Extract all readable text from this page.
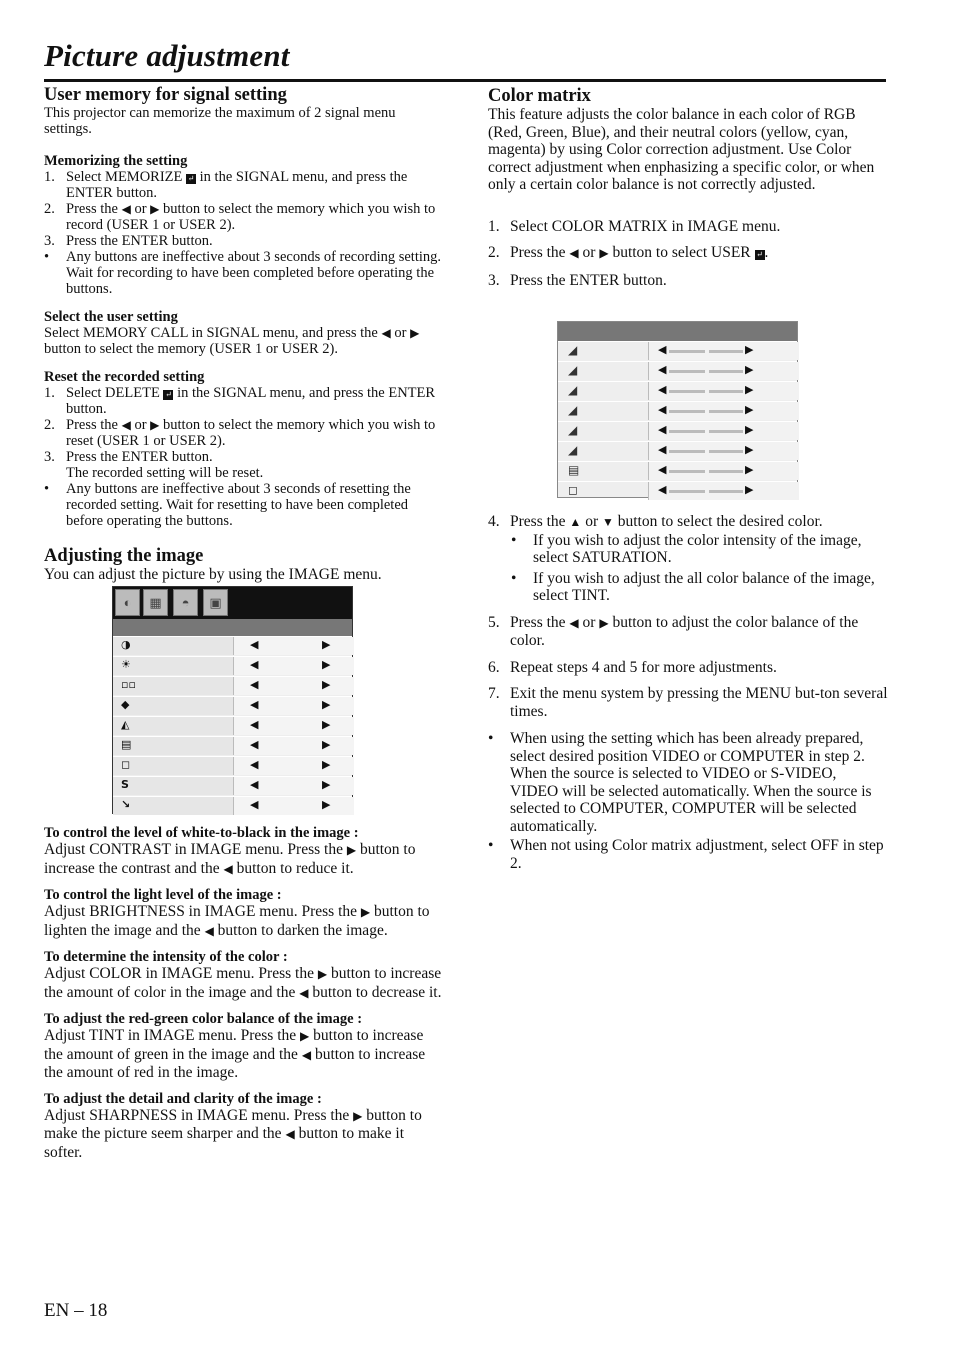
Picture adjustment
User memory for signal setting
This projector can memorize the maximum of 2 signal menu settings.
Memorizing the setting
1. Select MEMORIZE ↵ in the SIGNAL menu, and press the ENTER button.
2. Press the ◀ or ▶ button to select the memory which you wish to record (USER 1 or USER 2).
3. Press the ENTER button.
• Any buttons are ineffective about 3 seconds of recording setting. Wait for recording to have been completed before operating the buttons.
Select the user setting
Select MEMORY CALL in SIGNAL menu, and press the ◀ or ▶ button to select the memory (USER 1 or USER 2).
Reset the recorded setting
1. Select DELETE ↵ in the SIGNAL menu, and press the ENTER button.
2. Press the ◀ or ▶ button to select the memory which you wish to reset (USER 1 or USER 2).
3. Press the ENTER button.
The recorded setting will be reset.
• Any buttons are ineffective about 3 seconds of resetting the recorded setting. Wait for resetting to have been completed before operating the buttons.
Adjusting the image
You can adjust the picture by using the IMAGE menu.
◐	▦	◓	▣
◑	◀	▶
☀	◀	▶
▫▫	◀	▶
◆	◀	▶
◭	◀	▶
▤	◀	▶
◻	◀	▶
S	◀	▶
↘	◀	▶
To control the level of white-to-black in the image :
Adjust CONTRAST in IMAGE menu. Press the ▶ button to increase the contrast and the ◀ button to reduce it.
To control the light level of the image :
Adjust BRIGHTNESS in IMAGE menu. Press the ▶ button to lighten the image and the ◀ button to darken the image.
To determine the intensity of the color :
Adjust COLOR in IMAGE menu. Press the ▶ button to increase the amount of color in the image and the ◀ button to decrease it.
To adjust the red-green color balance of the image :
Adjust TINT in IMAGE menu. Press the ▶ button to increase the amount of green in the image and the ◀ button to increase the amount of red in the image.
To adjust the detail and clarity of the image :
Adjust SHARPNESS in IMAGE menu. Press the ▶ button to make the picture seem sharper and the ◀ button to make it softer.
Color matrix
This feature adjusts the color balance in each color of RGB (Red, Green, Blue), and their neutral colors (yellow, cyan, magenta) by using Color correction adjustment. Use Color correct adjustment when enphasizing a specific color, or when only a certain color balance is not correctly adjusted.
1. Select COLOR MATRIX in IMAGE menu.
2. Press the ◀ or ▶ button to select USER ↵ .
3. Press the ENTER button.
◢	◀	▶
◢	◀	▶
◢	◀	▶
◢	◀	▶
◢	◀	▶
◢	◀	▶
▤	◀	▶
◻	◀	▶
4. Press the ▲ or ▼ button to select the desired color.
• If you wish to adjust the color intensity of the image, select SATURATION.
• If you wish to adjust the all color balance of the image, select TINT.
5. Press the ◀ or ▶ button to adjust the color balance of the color.
6. Repeat steps 4 and 5 for more adjustments.
7. Exit the menu system by pressing the MENU but-ton several times.
• When using the setting which has been already prepared, select desired position VIDEO or COMPUTER in step 2. When the source is selected to VIDEO or S-VIDEO, VIDEO will be selected automatically. When the source is selected to COMPUTER, COMPUTER will be selected automatically.
• When not using Color matrix adjustment, select OFF in step 2.
EN – 18
